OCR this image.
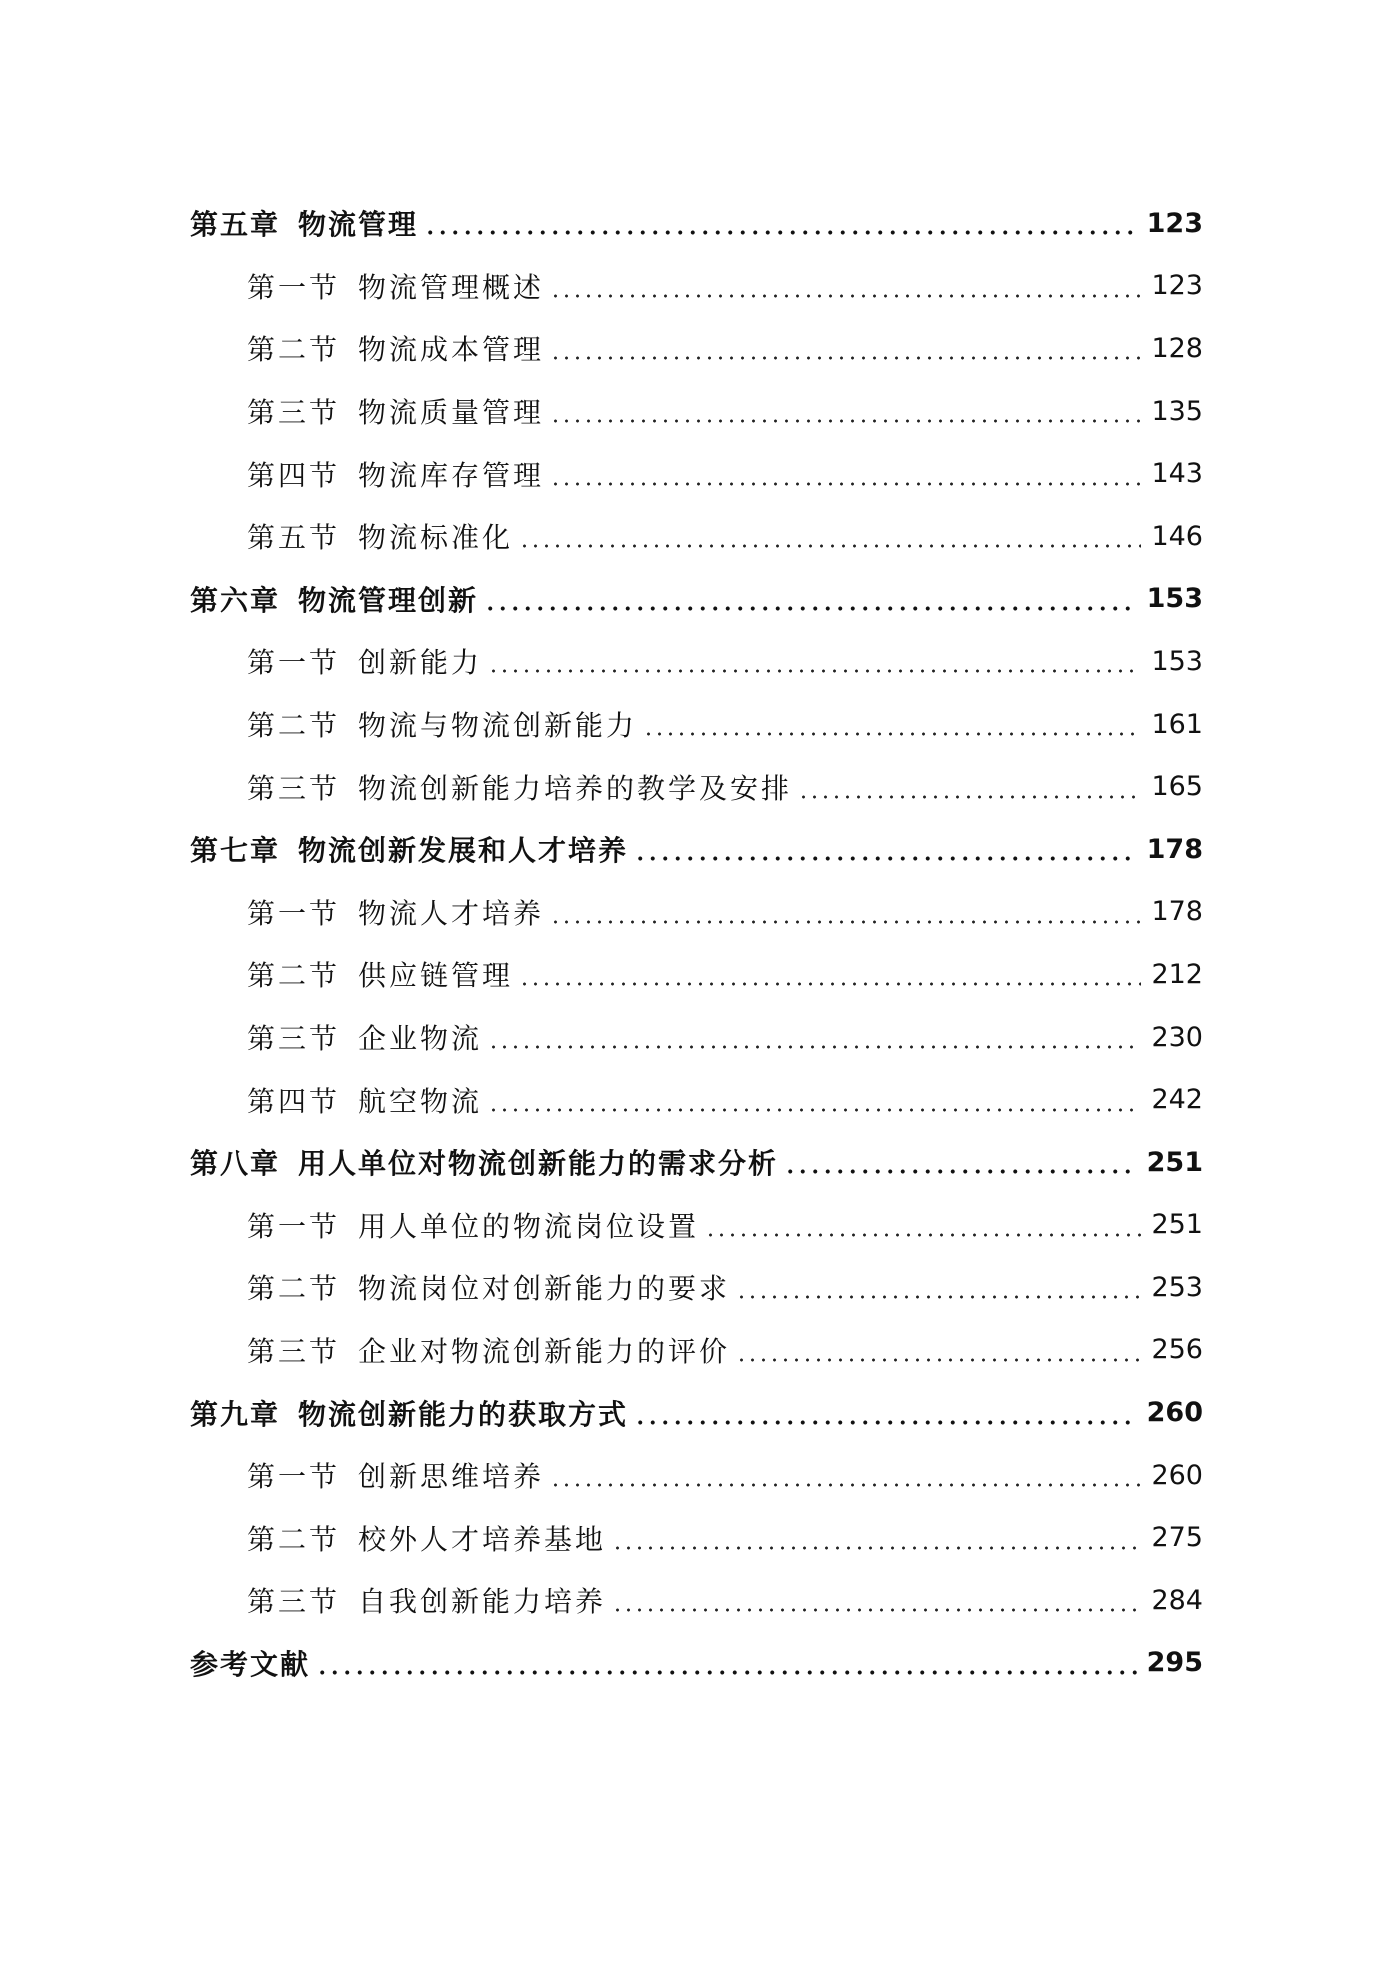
第五章 物流管理	123
第一节 物流管理概述	123
第二节 物流成本管理	128
第三节 物流质量管理	135
第四节 物流库存管理	143
第五节 物流标准化	146
第六章 物流管理创新	153
第一节 创新能力	153
第二节 物流与物流创新能力	161
第三节 物流创新能力培养的教学及安排	165
第七章 物流创新发展和人才培养	178
第一节 物流人才培养	178
第二节 供应链管理	212
第三节 企业物流	230
第四节 航空物流	242
第八章 用人单位对物流创新能力的需求分析	251
第一节 用人单位的物流岗位设置	251
第二节 物流岗位对创新能力的要求	253
第三节 企业对物流创新能力的评价	256
第九章 物流创新能力的获取方式	260
第一节 创新思维培养	260
第二节 校外人才培养基地	275
第三节 自我创新能力培养	284
参考文献	295
